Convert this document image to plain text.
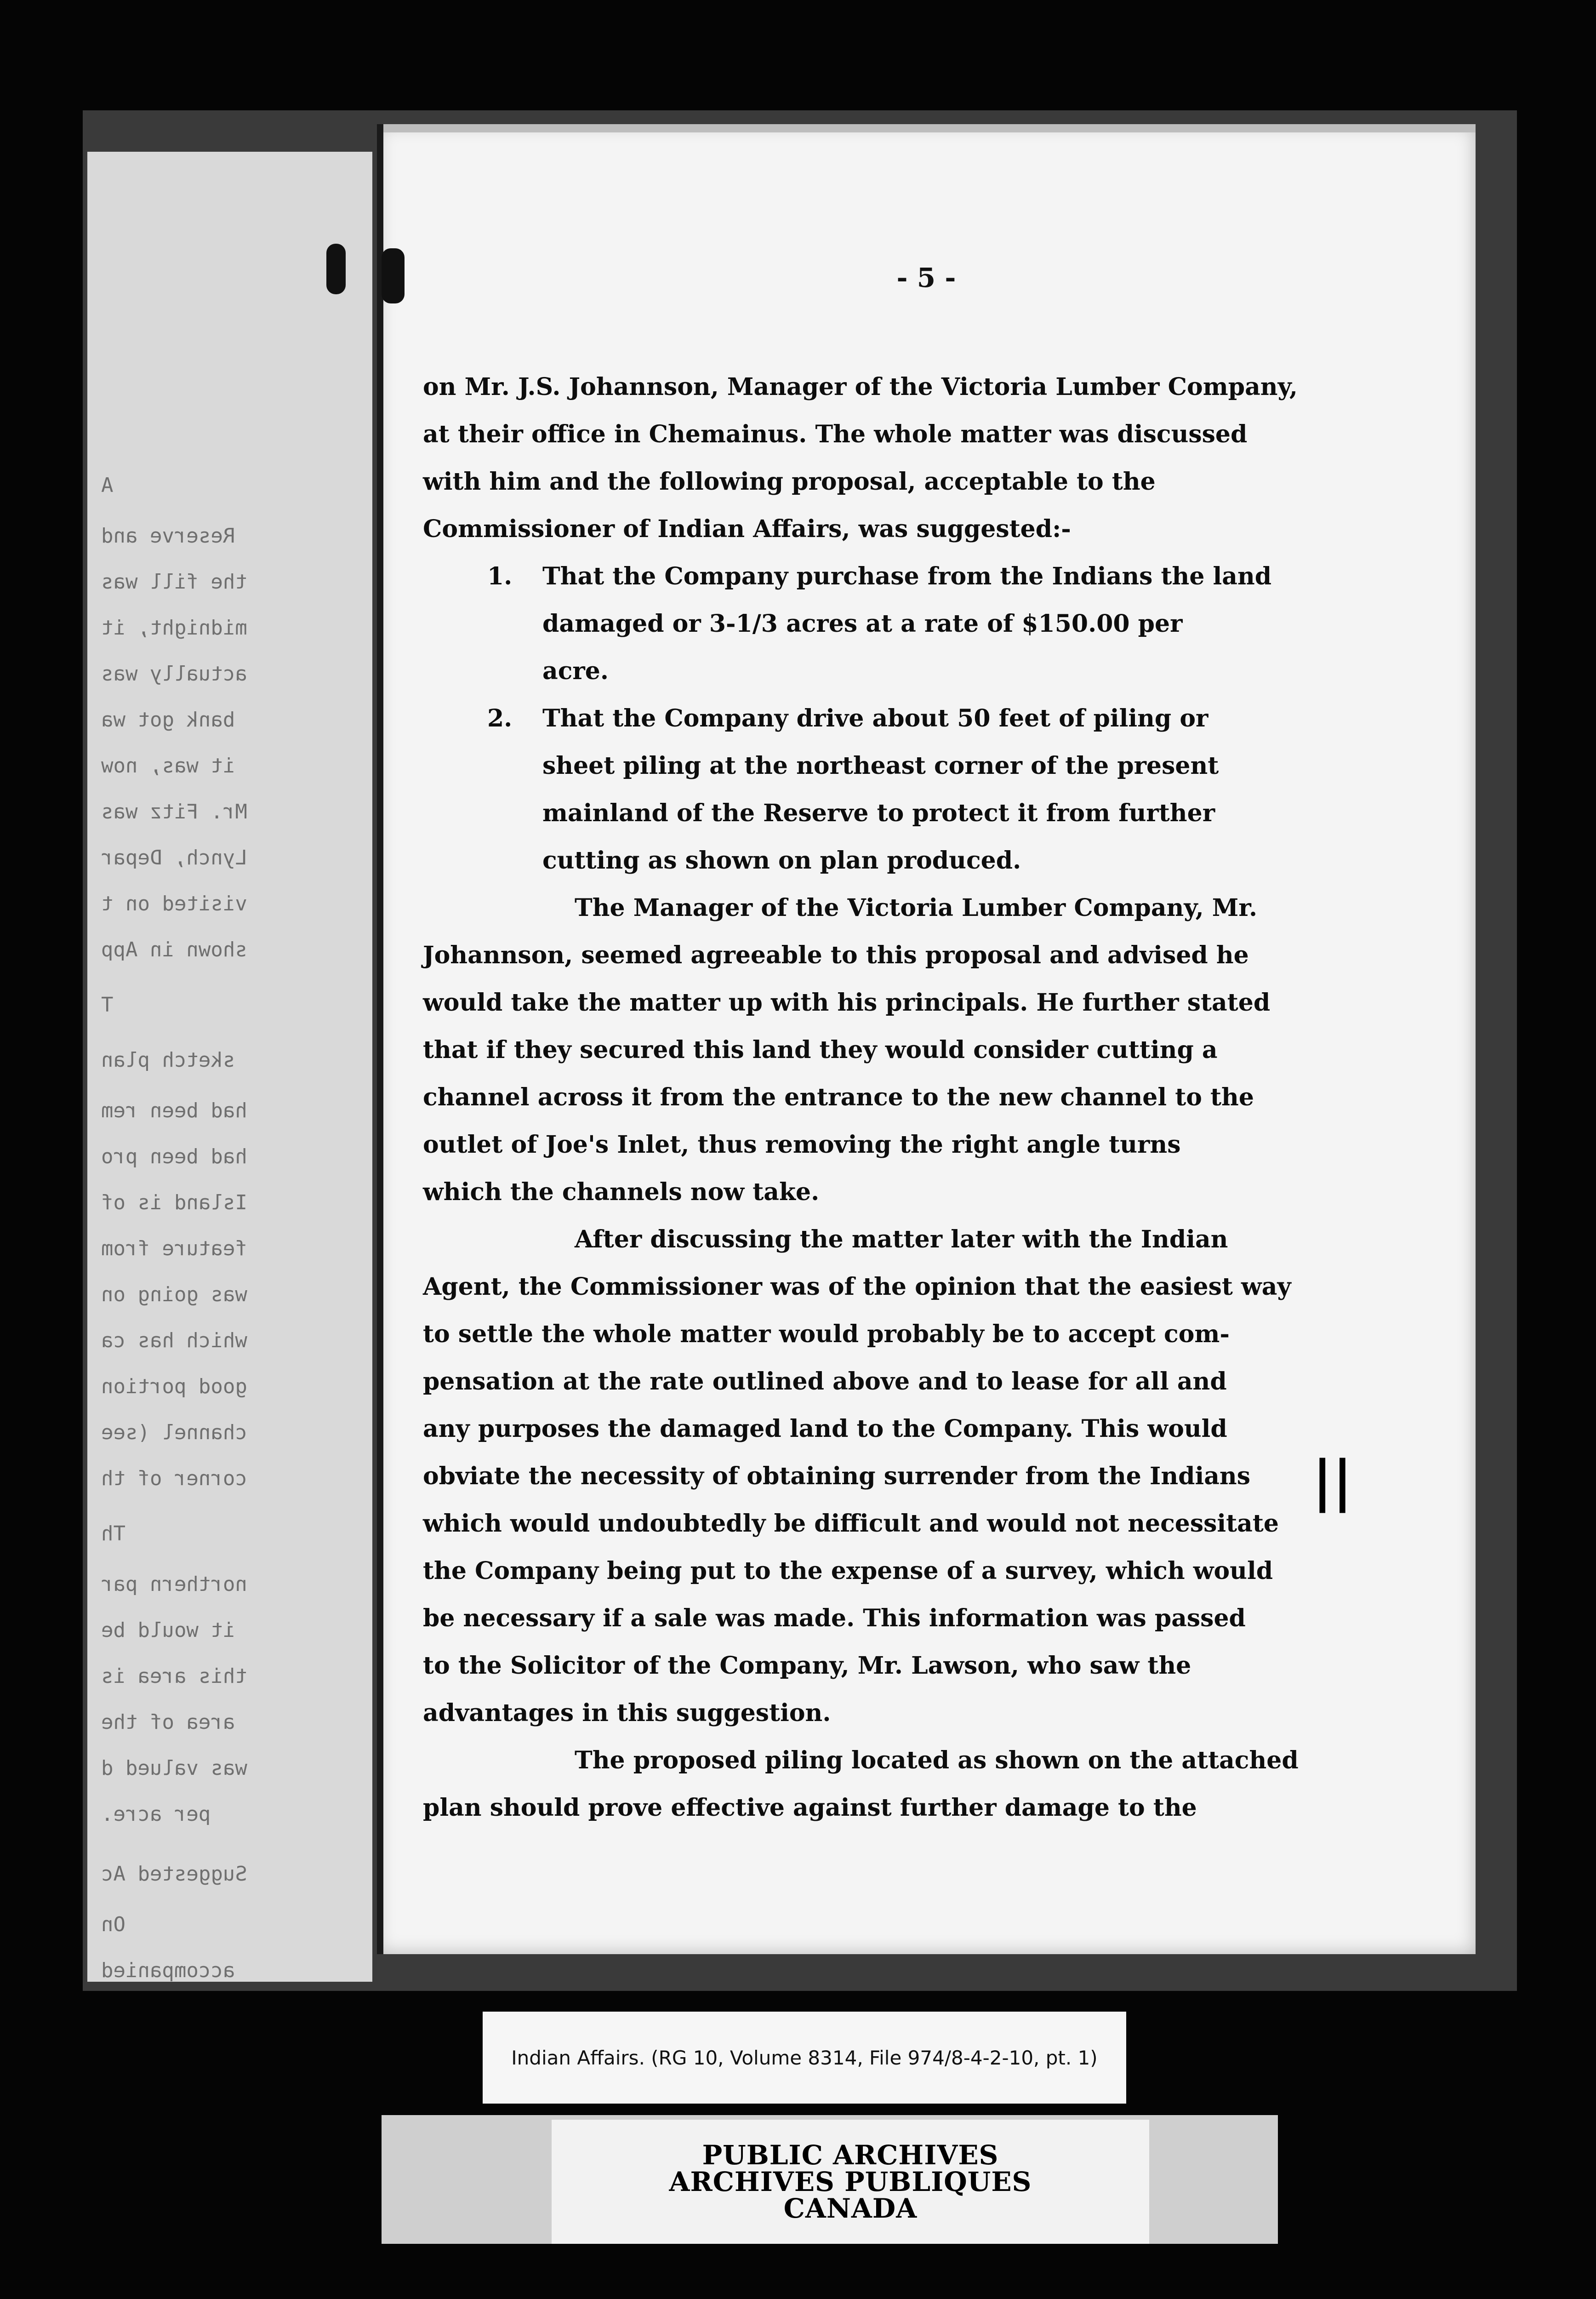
A
Reserve and
the fill was
midnight, it
actually was
bank got wa
it was, now
Mr. Fitz was
Lynch, Depar
visited on t
shown in App
T
sketch plan
had been rem
had been pro
Island is of
feature from
was going on
which has ca
good portion
channel (see
corner of th
Th
northern par
it would be
this area is
area of the
was valued d
per acre.
Suggested Ac
On
accompanied
- 5 -
on Mr. J.S. Johannson, Manager of the Victoria Lumber Company,
at their office in Chemainus. The whole matter was discussed
with him and the following proposal, acceptable to the
Commissioner of Indian Affairs, was suggested:-
1. That the Company purchase from the Indians the land
damaged or 3-1/3 acres at a rate of $150.00 per
acre.
2. That the Company drive about 50 feet of piling or
sheet piling at the northeast corner of the present
mainland of the Reserve to protect it from further
cutting as shown on plan produced.
The Manager of the Victoria Lumber Company, Mr.
Johannson, seemed agreeable to this proposal and advised he
would take the matter up with his principals. He further stated
that if they secured this land they would consider cutting a
channel across it from the entrance to the new channel to the
outlet of Joe's Inlet, thus removing the right angle turns
which the channels now take.
After discussing the matter later with the Indian
Agent, the Commissioner was of the opinion that the easiest way
to settle the whole matter would probably be to accept com-
pensation at the rate outlined above and to lease for all and
any purposes the damaged land to the Company. This would
obviate the necessity of obtaining surrender from the Indians
which would undoubtedly be difficult and would not necessitate
the Company being put to the expense of a survey, which would
be necessary if a sale was made. This information was passed
to the Solicitor of the Company, Mr. Lawson, who saw the
advantages in this suggestion.
The proposed piling located as shown on the attached
plan should prove effective against further damage to the
||
Indian Affairs. (RG 10, Volume 8314, File 974/8-4-2-10, pt. 1)
PUBLIC ARCHIVES
ARCHIVES PUBLIQUES
CANADA
